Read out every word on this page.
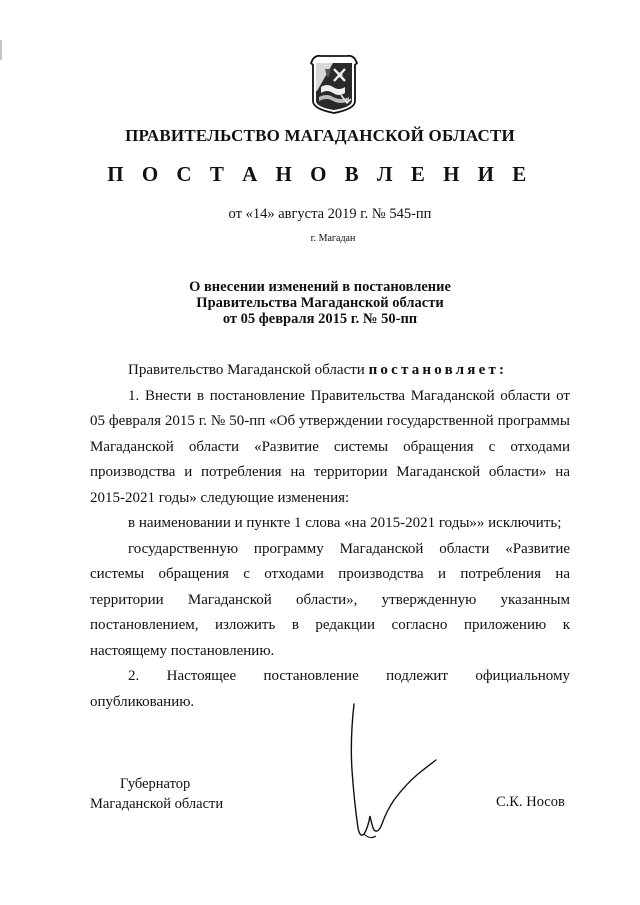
ПРАВИТЕЛЬСТВО МАГАДАНСКОЙ ОБЛАСТИ
П О С Т А Н О В Л Е Н И Е
от «14» августа 2019 г. № 545-пп
г. Магадан
О внесении изменений в постановление
Правительства Магаданской области
от 05 февраля 2015 г. № 50-пп

Правительство Магаданской области постановляет:

1. Внести в постановление Правительства Магаданской области от 05 февраля 2015 г. № 50-пп «Об утверждении государственной программы Магаданской области «Развитие системы обращения с отходами производства и потребления на территории Магаданской области» на 2015-2021 годы» следующие изменения:

в наименовании и пункте 1 слова «на 2015-2021 годы»» исключить;

государственную программу Магаданской области «Развитие системы обращения с отходами производства и потребления на территории Магаданской области», утвержденную указанным постановлением, изложить в редакции согласно приложению к настоящему постановлению.

2. Настоящее постановление подлежит официальному опубликованию.

Губернатор
Магаданской области	С.К. Носов
